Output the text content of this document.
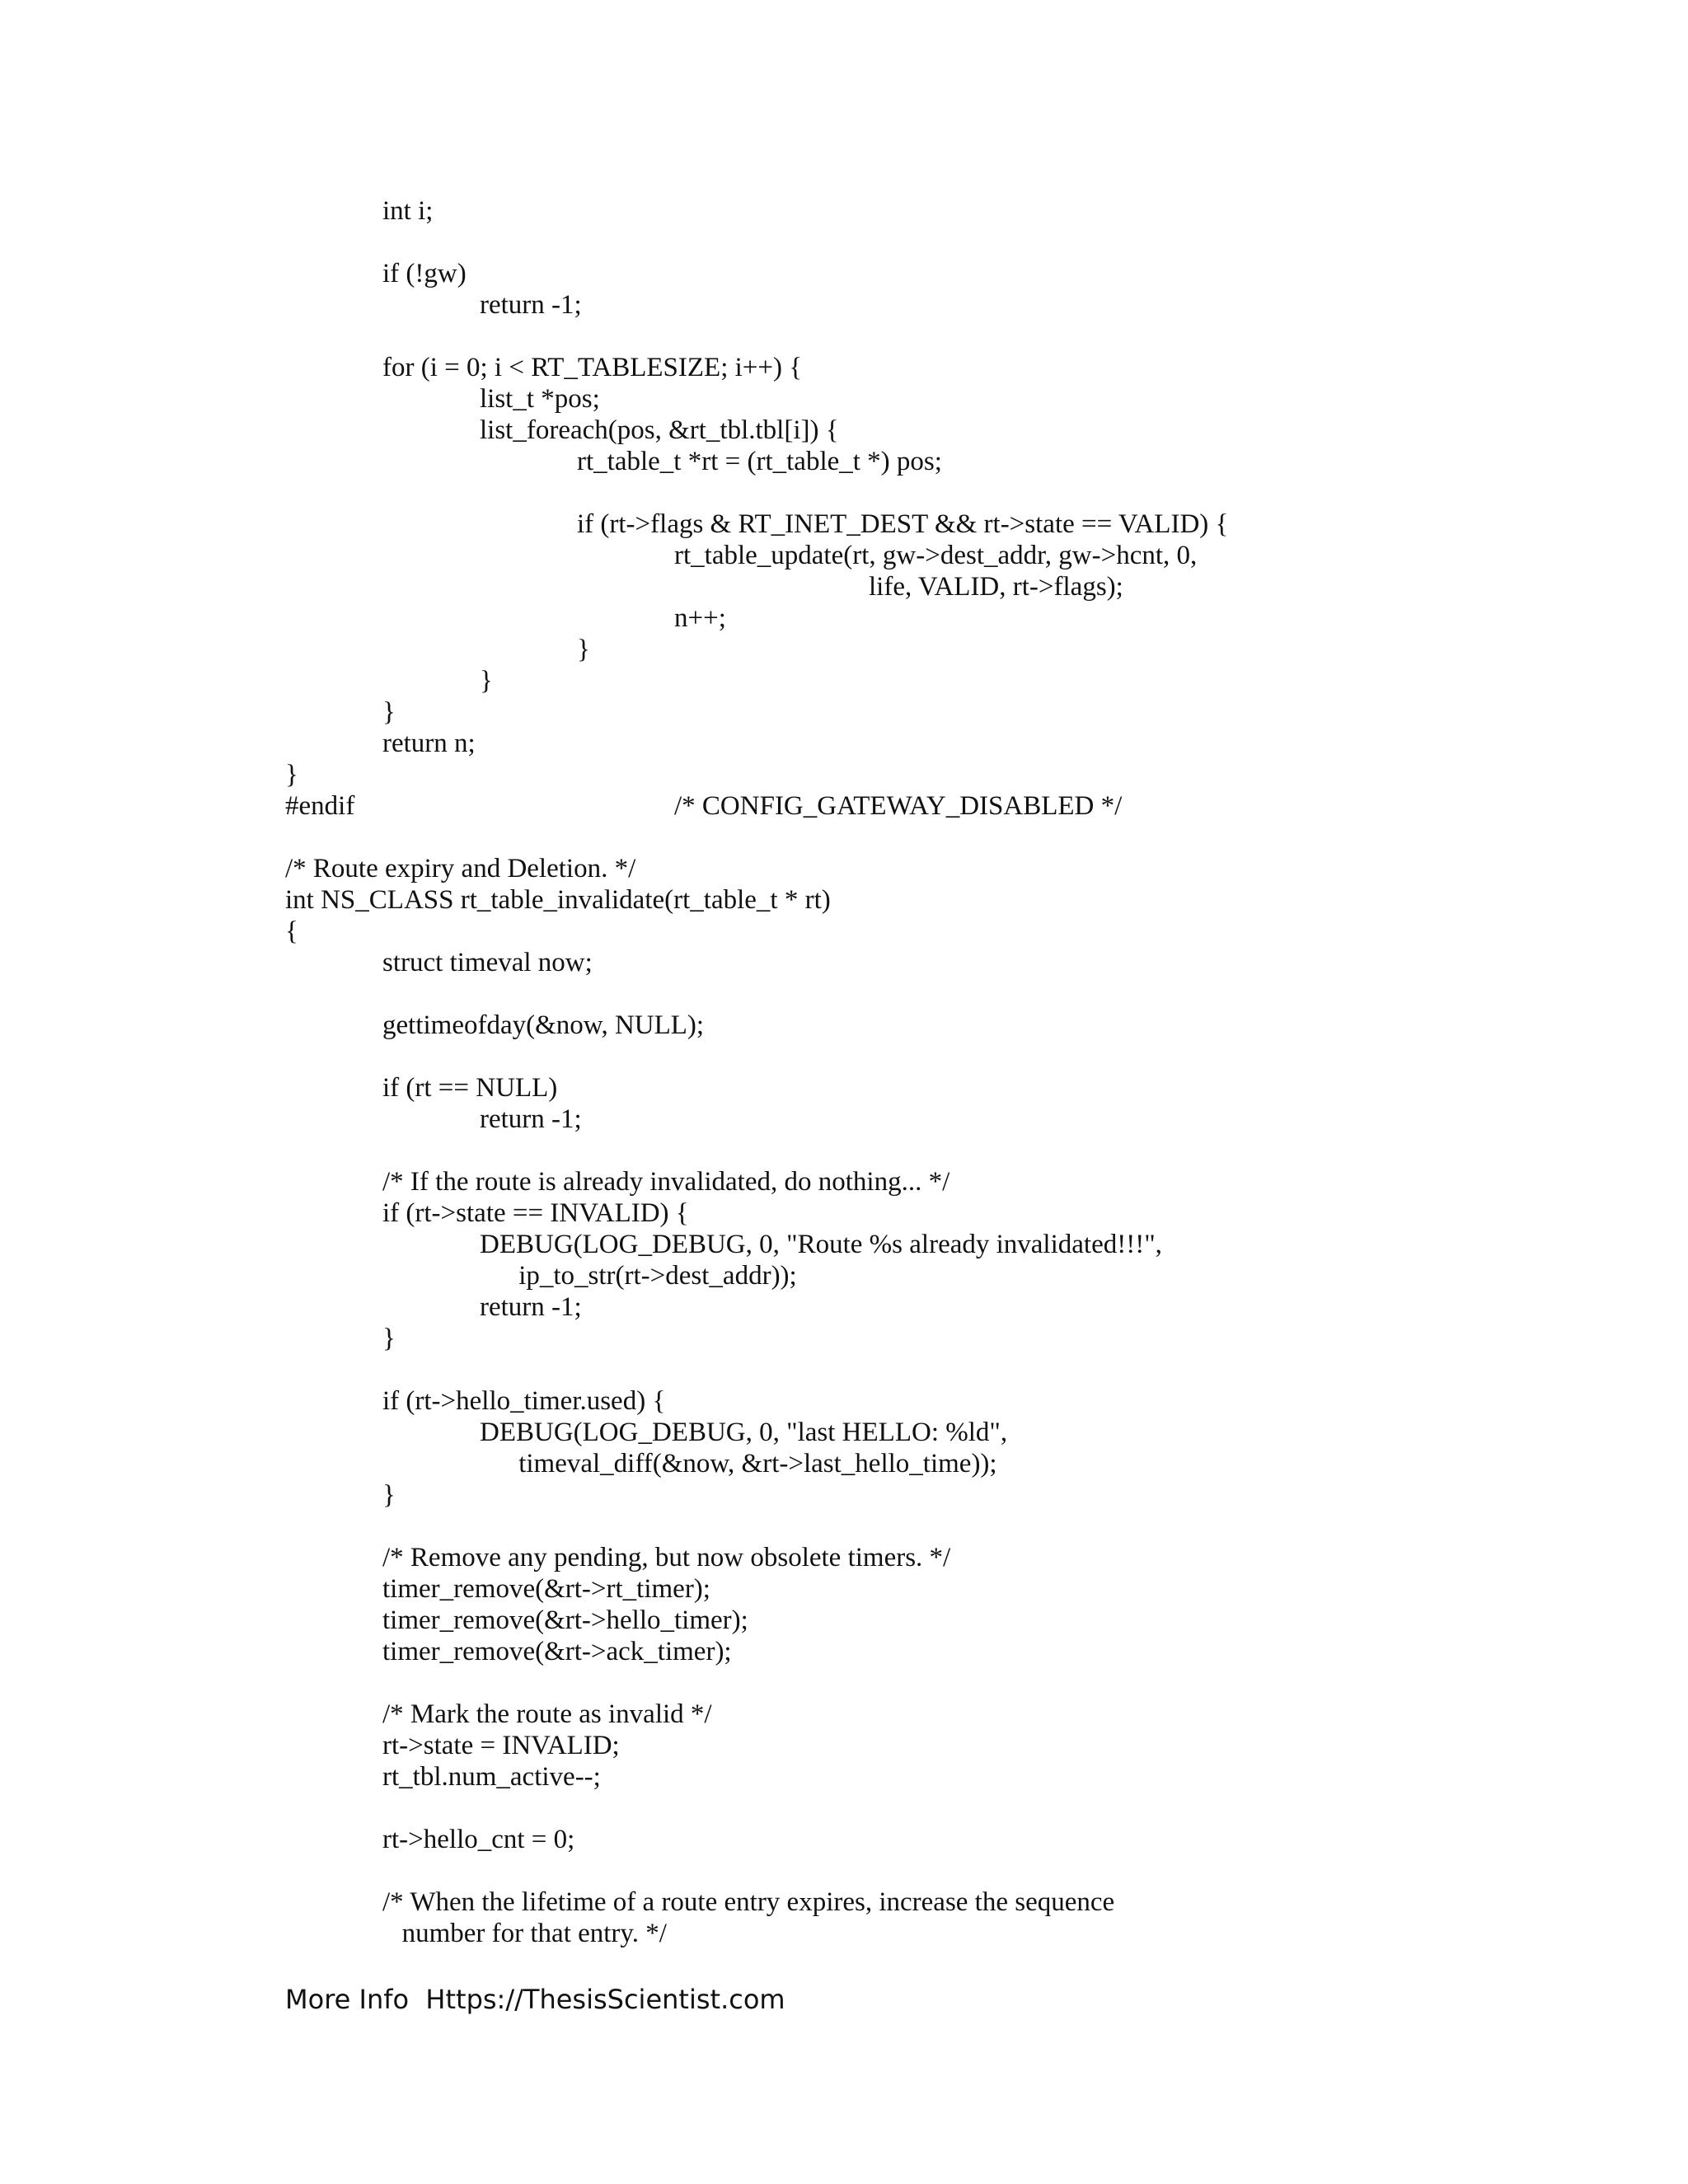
int i;
if (!gw)
return -1;
for (i = 0; i < RT_TABLESIZE; i++) {
list_t *pos;
list_foreach(pos, &rt_tbl.tbl[i]) {
rt_table_t *rt = (rt_table_t *) pos;
if (rt->flags & RT_INET_DEST && rt->state == VALID) {
rt_table_update(rt, gw->dest_addr, gw->hcnt, 0,
life, VALID, rt->flags);
n++;
}
}
}
return n;
}
#endif	/* CONFIG_GATEWAY_DISABLED */
/* Route expiry and Deletion. */
int NS_CLASS rt_table_invalidate(rt_table_t * rt)
{
struct timeval now;
gettimeofday(&now, NULL);
if (rt == NULL)
return -1;
/* If the route is already invalidated, do nothing... */
if (rt->state == INVALID) {
DEBUG(LOG_DEBUG, 0, "Route %s already invalidated!!!",
ip_to_str(rt->dest_addr));
return -1;
}
if (rt->hello_timer.used) {
DEBUG(LOG_DEBUG, 0, "last HELLO: %ld",
timeval_diff(&now, &rt->last_hello_time));
}
/* Remove any pending, but now obsolete timers. */
timer_remove(&rt->rt_timer);
timer_remove(&rt->hello_timer);
timer_remove(&rt->ack_timer);
/* Mark the route as invalid */
rt->state = INVALID;
rt_tbl.num_active--;
rt->hello_cnt = 0;
/* When the lifetime of a route entry expires, increase the sequence
number for that entry. */
More Info  Https://ThesisScientist.com
